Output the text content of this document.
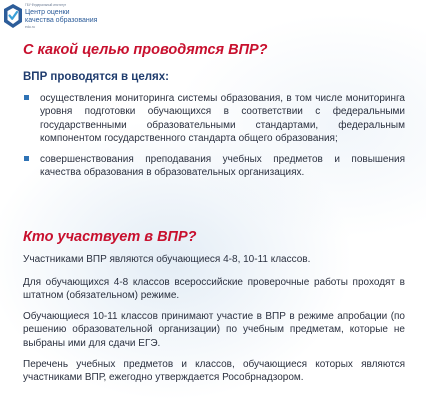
ГБУ Федеральный институт
Центр оценки
качества образования
edu.ru
С какой целью проводятся ВПР?
ВПР проводятся в целях:

осуществления мониторинга системы образования, в том числе мониторинга уровня подготовки обучающихся в соответствии с федеральными государственными образовательными стандартами, федеральным компонентом государственного стандарта общего образования;

совершенствования преподавания учебных предметов и повышения качества образования в образовательных организациях.

Кто участвует в ВПР?

Участниками ВПР являются обучающиеся 4-8, 10-11 классов.

Для обучающихся 4-8 классов всероссийские проверочные работы проходят в штатном (обязательном) режиме.

Обучающиеся 10-11 классов принимают участие в ВПР в режиме апробации (по решению образовательной организации) по учебным предметам, которые не выбраны ими для сдачи ЕГЭ.

Перечень учебных предметов и классов, обучающиеся которых являются участниками ВПР, ежегодно утверждается Рособрнадзором.
